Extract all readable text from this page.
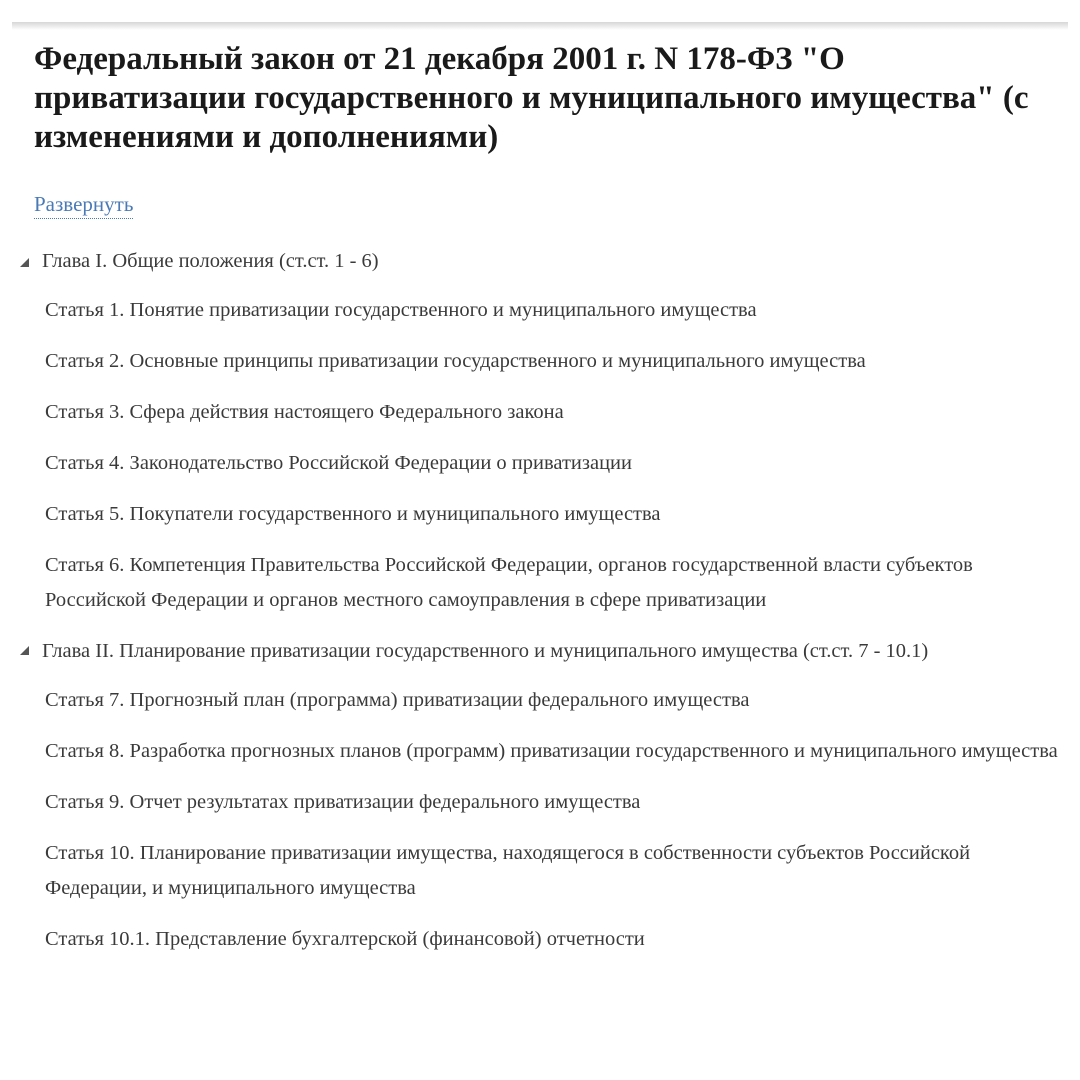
Федеральный закон от 21 декабря 2001 г. N 178-ФЗ "О приватизации государственного и муниципального имущества" (с изменениями и дополнениями)
Развернуть
Глава I. Общие положения (ст.ст. 1 - 6)
Статья 1. Понятие приватизации государственного и муниципального имущества
Статья 2. Основные принципы приватизации государственного и муниципального имущества
Статья 3. Сфера действия настоящего Федерального закона
Статья 4. Законодательство Российской Федерации о приватизации
Статья 5. Покупатели государственного и муниципального имущества
Статья 6. Компетенция Правительства Российской Федерации, органов государственной власти субъектов Российской Федерации и органов местного самоуправления в сфере приватизации
Глава II. Планирование приватизации государственного и муниципального имущества (ст.ст. 7 - 10.1)
Статья 7. Прогнозный план (программа) приватизации федерального имущества
Статья 8. Разработка прогнозных планов (программ) приватизации государственного и муниципального имущества
Статья 9. Отчет результатах приватизации федерального имущества
Статья 10. Планирование приватизации имущества, находящегося в собственности субъектов Российской Федерации, и муниципального имущества
Статья 10.1. Представление бухгалтерской (финансовой) отчетности
